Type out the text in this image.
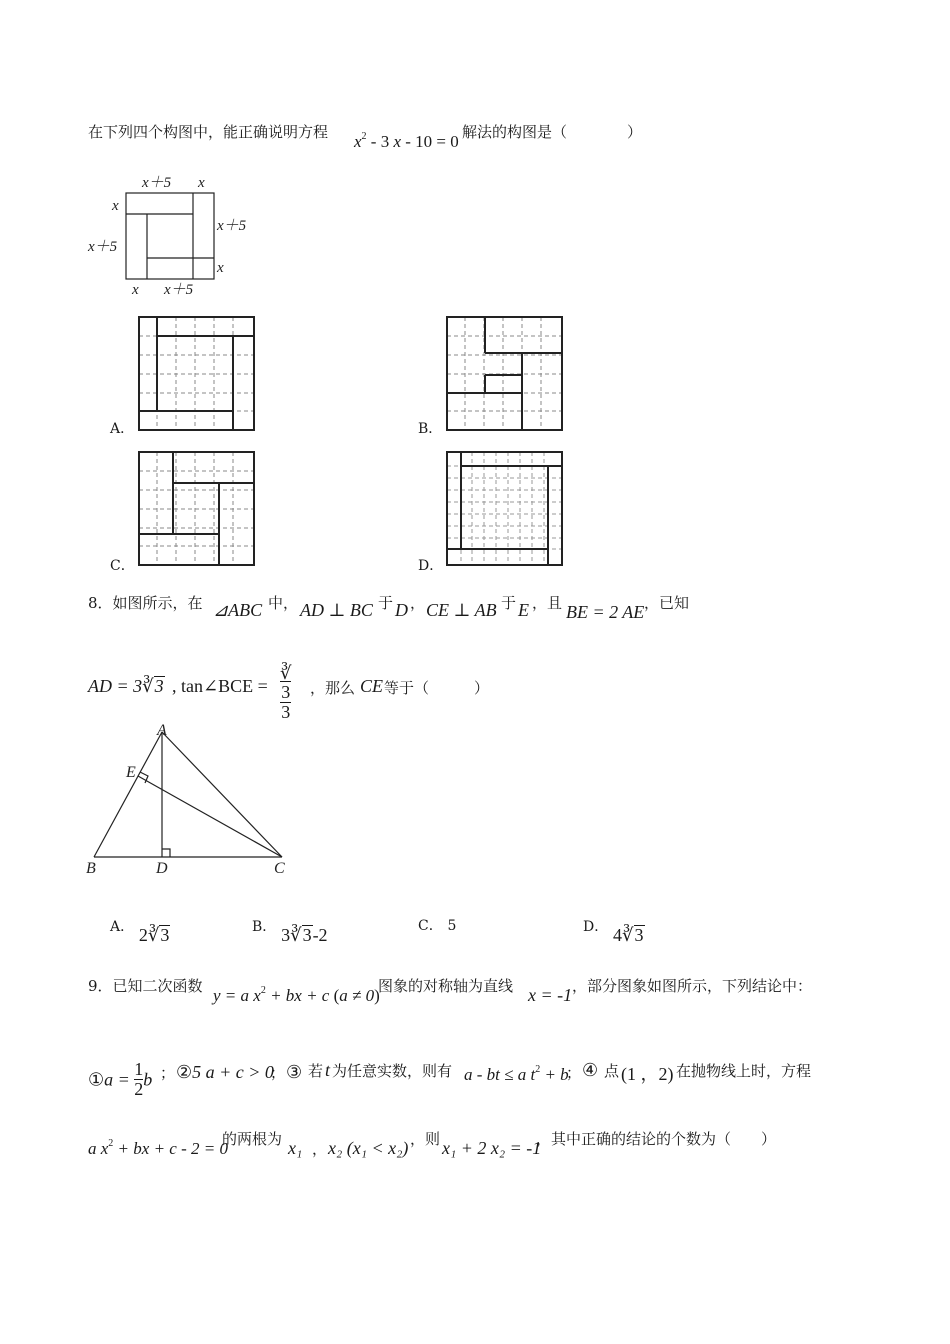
在下列四个构图中，能正确说明方程 $x^2 - 3$ x - 10 = 0 解法的构图是（　　　　）
x＋5 x
x
x＋5
x＋5
x
x x＋5
A．	B．
C．	D．
8．如图所示，在 ⊿ABC 中， AD ⊥ BC 于 D ， CE ⊥ AB 于 E ，且 BE = 2 AE ，已知
AD = 3∛3 , tan∠BCE = ∛
3
3 ，那么 CE 等于（　　　）
A
B	C
D
E
A． 2∛3	B． 3∛3-2	C． 5	D． 4∛3
9．已知二次函数 y = a $x^2$ + bx + c (a ≠ 0)
图象的对称轴为直线 x = -1 ，部分图象如图所示，下列结论中：
①a = $\frac{1}{2}$ b ； ②5 a + c > 0
； ③ 若 t 为任意实数，则有 a - bt ≤ a $t^2 + b$
； ④ 点 (1 ，2) 在抛物线上时，方程
a $x^2$ + bx + c - 2 = 0
的两根为 x₁ ， x₂ (x₁ < x₂) ，则 x₁ + 2 x₂ = -1
，其中正确的结论的个数为（　　）
